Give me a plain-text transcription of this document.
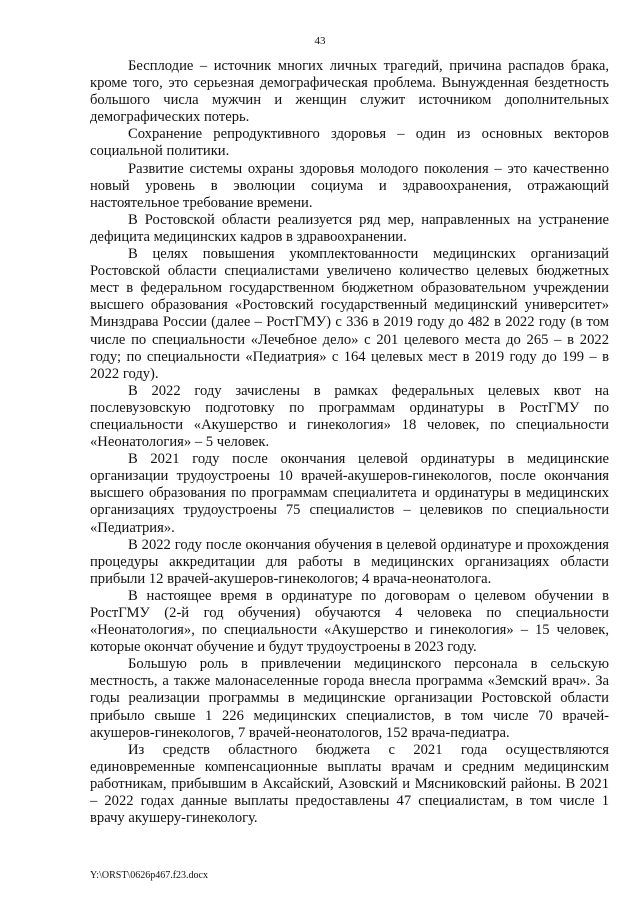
43

Бесплодие – источник многих личных трагедий, причина распадов брака, кроме того, это серьезная демографическая проблема. Вынужденная бездетность большого числа мужчин и женщин служит источником дополнительных демографических потерь.

Сохранение репродуктивного здоровья – один из основных векторов социальной политики.

Развитие системы охраны здоровья молодого поколения – это качественно новый уровень в эволюции социума и здравоохранения, отражающий настоятельное требование времени.

В Ростовской области реализуется ряд мер, направленных на устранение дефицита медицинских кадров в здравоохранении.

В целях повышения укомплектованности медицинских организаций Ростовской области специалистами увеличено количество целевых бюджетных мест в федеральном государственном бюджетном образовательном учреждении высшего образования «Ростовский государственный медицинский университет» Минздрава России (далее – РостГМУ) с 336 в 2019 году до 482 в 2022 году (в том числе по специальности «Лечебное дело» с 201 целевого места до 265 – в 2022 году; по специальности «Педиатрия» с 164 целевых мест в 2019 году до 199 – в 2022 году).

В 2022 году зачислены в рамках федеральных целевых квот на послевузовскую подготовку по программам ординатуры в РостГМУ по специальности «Акушерство и гинекология» 18 человек, по специальности «Неонатология» – 5 человек.

В 2021 году после окончания целевой ординатуры в медицинские организации трудоустроены 10 врачей-акушеров-гинекологов, после окончания высшего образования по программам специалитета и ординатуры в медицинских организациях трудоустроены 75 специалистов – целевиков по специальности «Педиатрия».

В 2022 году после окончания обучения в целевой ординатуре и прохождения процедуры аккредитации для работы в медицинских организациях области прибыли 12 врачей-акушеров-гинекологов; 4 врача-неонатолога.

В настоящее время в ординатуре по договорам о целевом обучении в РостГМУ (2-й год обучения) обучаются 4 человека по специальности «Неонатология», по специальности «Акушерство и гинекология» – 15 человек, которые окончат обучение и будут трудоустроены в 2023 году.

Большую роль в привлечении медицинского персонала в сельскую местность, а также малонаселенные города внесла программа «Земский врач». За годы реализации программы в медицинские организации Ростовской области прибыло свыше 1 226 медицинских специалистов, в том числе 70 врачей-акушеров-гинекологов, 7 врачей-неонатологов, 152 врача-педиатра.

Из средств областного бюджета с 2021 года осуществляются единовременные компенсационные выплаты врачам и средним медицинским работникам, прибывшим в Аксайский, Азовский и Мясниковский районы. В 2021 – 2022 годах данные выплаты предоставлены 47 специалистам, в том числе 1 врачу акушеру-гинекологу.

Y:\ORST\0626p467.f23.docx
